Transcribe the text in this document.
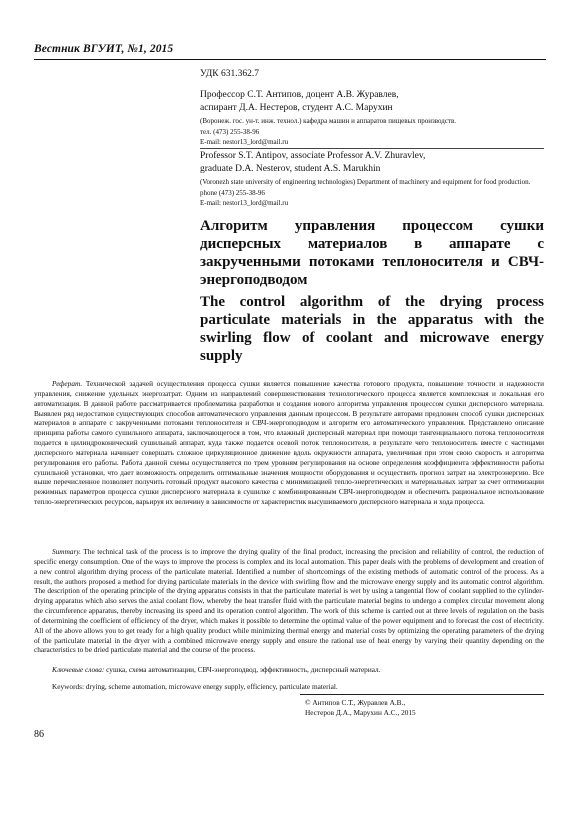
Вестник ВГУИТ, №1, 2015
УДК 631.362.7
Профессор С.Т. Антипов, доцент А.В. Журавлев,
аспирант Д.А. Нестеров, студент А.С. Марухин
(Воронеж. гос. ун-т. инж. технол.) кафедра машин и аппаратов пищевых производств.
тел. (473) 255-38-96
E-mail: nestor13_lord@mail.ru
Professor S.T. Antipov, associate Professor A.V. Zhuravlev,
graduate D.A. Nesterov, student A.S. Marukhin
(Voronezh state university of engineering technologies) Department of machinery and equipment for food production. phone (473) 255-38-96
E-mail: nestor13_lord@mail.ru
Алгоритм управления процессом сушки дисперсных материалов в аппарате с закрученными потоками теплоносителя и СВЧ-энергоподводом
The control algorithm of the drying process particulate materials in the apparatus with the swirling flow of coolant and microwave energy supply
Реферат. Технической задачей осуществления процесса сушки является повышение качества готового продукта, повышение точности и надежности управления, снижение удельных энергозатрат. Одним из направлений совершенствования технологического процесса является комплексная и локальная его автоматизация. В данной работе рассматривается проблематика разработки и создания нового алгоритма управления процессом сушки дисперсного материала. Выявлен ряд недостатков существующих способов автоматического управления данным процессом. В результате авторами предложен способ сушки дисперсных материалов в аппарате с закрученными потоками теплоносителя и СВЧ-энергоподводом и алгоритм его автоматического управления. Представлено описание принципа работы самого сушильного аппарата, заключающегося в том, что влажный дисперсный материал при помощи тангенциального потока теплоносителя подается в цилиндроконический сушильный аппарат, куда также подается осевой поток теплоносителя, в результате чего теплоноситель вместе с частицами дисперсного материала начинает совершать сложное циркуляционное движение вдоль окружности аппарата, увеличивая при этом свою скорость и алгоритма регулирования его работы. Работа данной схемы осуществляется по трем уровням регулирования на основе определения коэффициента эффективности работы сушильной установки, что дает возможность определить оптимальные значения мощности оборудования и осуществить прогноз затрат на электроэнергию. Все выше перечисленное позволяет получить готовый продукт высокого качества с минимизацией тепло-энергетических и материальных затрат за счет оптимизации режимных параметров процесса сушки дисперсного материала в сушилке с комбинированным СВЧ-энергоподводом и обеспечить рациональное использование тепло-энергетических ресурсов, варьируя их величину в зависимости от характеристик высушиваемого дисперсного материала и хода процесса.
Summary. The technical task of the process is to improve the drying quality of the final product, increasing the precision and reliability of control, the reduction of specific energy consumption. One of the ways to improve the process is complex and its local automation. This paper deals with the problems of development and creation of a new control algorithm drying process of the particulate material. Identified a number of shortcomings of the existing methods of automatic control of the process. As a result, the authors proposed a method for drying particulate materials in the device with swirling flow and the microwave energy supply and its automatic control algorithm. The description of the operating principle of the drying apparatus consists in that the particulate material is wet by using a tangential flow of coolant supplied to the cylinder-drying apparatus which also serves the axial coolant flow, whereby the heat transfer fluid with the particulate material begins to undergo a complex circular movement along the circumference apparatus, thereby increasing its speed and its operation control algorithm. The work of this scheme is carried out at three levels of regulation on the basis of determining the coefficient of efficiency of the dryer, which makes it possible to determine the optimal value of the power equipment and to forecast the cost of electricity. All of the above allows you to get ready for a high quality product while minimizing thermal energy and material costs by optimizing the operating parameters of the drying of the particulate material in the dryer with a combined microwave energy supply and ensure the rational use of heat energy by varying their quantity depending on the characteristics to be dried particulate material and the course of the process.
Ключевые слова: сушка, схема автоматизации, СВЧ-энергоподвод, эффективность, дисперсный материал.
Keywords: drying, scheme automation, microwave energy supply, efficiency, particulate material.
© Антипов С.Т., Журавлев А.В.,
Нестеров Д.А., Марухин А.С., 2015
86
